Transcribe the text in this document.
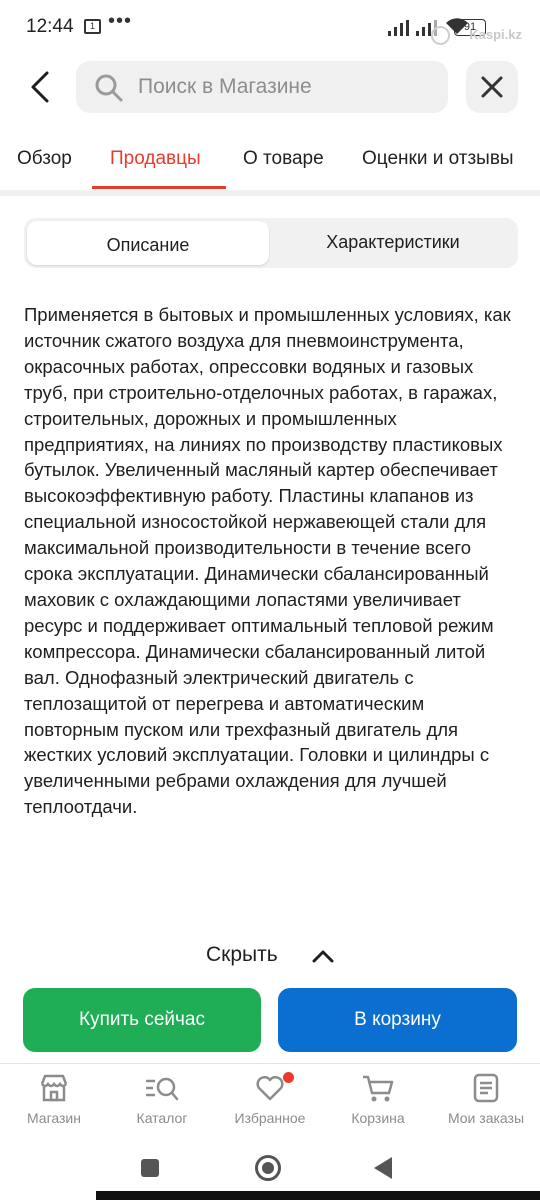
12:44	1 •••	91
Kaspi.kz
Поиск в Магазине
Обзор Продавцы О товаре Оценки и отзывы
Описание	Характеристики

Применяется в бытовых и промышленных условиях, как источник сжатого воздуха для пневмоинструмента, окрасочных работах, опрессовки водяных и газовых труб, при строительно-отделочных работах, в гаражах, строительных, дорожных и промышленных предприятиях, на линиях по производству пластиковых бутылок. Увеличенный масляный картер обеспечивает высокоэффективную работу. Пластины клапанов из специальной износостойкой нержавеющей стали для максимальной производительности в течение всего срока эксплуатации. Динамически сбалансированный маховик с охлаждающими лопастями увеличивает ресурс и поддерживает оптимальный тепловой режим компрессора. Динамически сбалансированный литой вал. Однофазный электрический двигатель с теплозащитой от перегрева и автоматическим повторным пуском или трехфазный двигатель для жестких условий эксплуатации. Головки и цилиндры с увеличенными ребрами охлаждения для лучшей теплоотдачи.

Скрыть
Купить сейчас	В корзину
Магазин	Каталог	Избранное	Корзина	Мои заказы
